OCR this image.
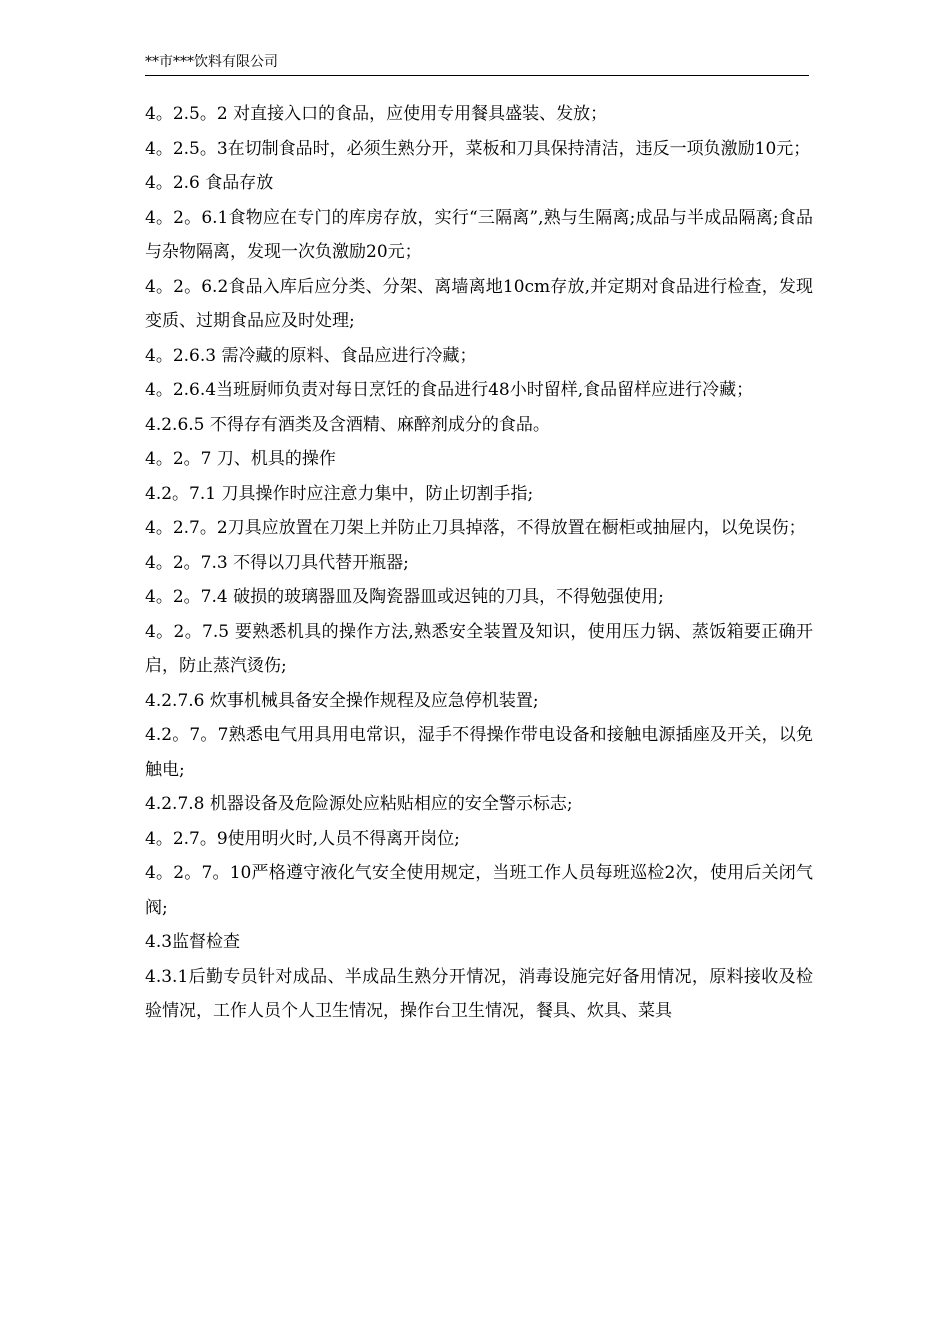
**市***饮料有限公司

4。2.5。2 对直接入口的食品，应使用专用餐具盛装、发放；

4。2.5。3在切制食品时，必须生熟分开，菜板和刀具保持清洁，违反一项负激励10元；

4。2.6 食品存放

4。2。6.1食物应在专门的库房存放，实行“三隔离”,熟与生隔离;成品与半成品隔离;食品与杂物隔离，发现一次负激励20元；

4。2。6.2食品入库后应分类、分架、离墙离地10cm存放,并定期对食品进行检查，发现变质、过期食品应及时处理;

4。2.6.3 需冷藏的原料、食品应进行冷藏；

4。2.6.4当班厨师负责对每日烹饪的食品进行48小时留样,食品留样应进行冷藏；

4.2.6.5 不得存有酒类及含酒精、麻醉剂成分的食品。

4。2。7 刀、机具的操作

4.2。7.1 刀具操作时应注意力集中，防止切割手指;

4。2.7。2刀具应放置在刀架上并防止刀具掉落，不得放置在橱柜或抽屉内，以免误伤；

4。2。7.3 不得以刀具代替开瓶器;

4。2。7.4 破损的玻璃器皿及陶瓷器皿或迟钝的刀具，不得勉强使用;

4。2。7.5 要熟悉机具的操作方法,熟悉安全装置及知识，使用压力锅、蒸饭箱要正确开启，防止蒸汽烫伤;

4.2.7.6 炊事机械具备安全操作规程及应急停机装置;

4.2。7。7熟悉电气用具用电常识，湿手不得操作带电设备和接触电源插座及开关，以免触电;

4.2.7.8 机器设备及危险源处应粘贴相应的安全警示标志;

4。2.7。9使用明火时,人员不得离开岗位;

4。2。7。10严格遵守液化气安全使用规定，当班工作人员每班巡检2次，使用后关闭气阀;

4.3监督检查

4.3.1后勤专员针对成品、半成品生熟分开情况，消毒设施完好备用情况，原料接收及检验情况，工作人员个人卫生情况，操作台卫生情况，餐具、炊具、菜具
